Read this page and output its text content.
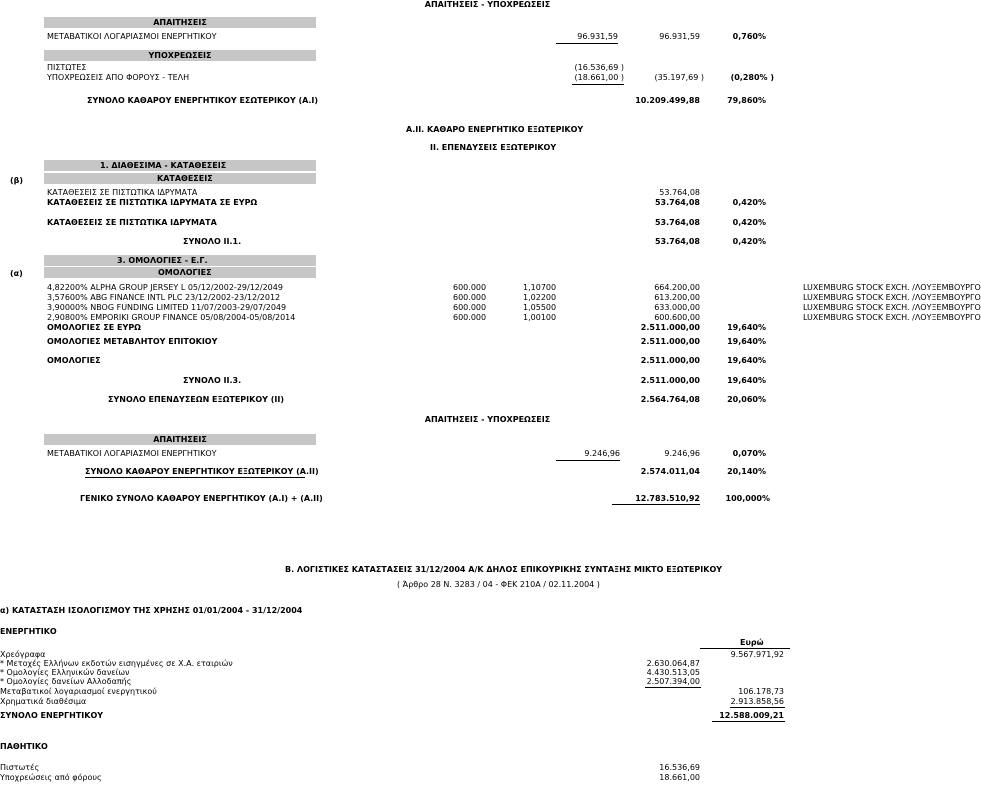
ΑΠΑΙΤΗΣΕΙΣ - ΥΠΟΧΡΕΩΣΕΙΣ
ΑΠΑΙΤΗΣΕΙΣ
ΜΕΤΑΒΑΤΙΚΟΙ ΛΟΓΑΡΙΑΣΜΟΙ ΕΝΕΡΓΗΤΙΚΟΥ	96.931,59	96.931,59	0,760%
ΥΠΟΧΡΕΩΣΕΙΣ
ΠΙΣΤΩΤΕΣ	(16.536,69 )
ΥΠΟΧΡΕΩΣΕΙΣ ΑΠΟ ΦΟΡΟΥΣ - ΤΕΛΗ	(18.661,00 )	(35.197,69 )	(0,280% )
ΣΥΝΟΛΟ ΚΑΘΑΡΟΥ ΕΝΕΡΓΗΤΙΚΟΥ ΕΣΩΤΕΡΙΚΟΥ (Α.Ι)	10.209.499,88	79,860%
Α.ΙΙ. ΚΑΘΑΡΟ ΕΝΕΡΓΗΤΙΚΟ ΕΞΩΤΕΡΙΚΟΥ
ΙΙ. ΕΠΕΝΔΥΣΕΙΣ ΕΞΩΤΕΡΙΚΟΥ
1. ΔΙΑΘΕΣΙΜΑ - ΚΑΤΑΘΕΣΕΙΣ
(β)	ΚΑΤΑΘΕΣΕΙΣ
ΚΑΤΑΘΕΣΕΙΣ ΣΕ ΠΙΣΤΩΤΙΚΑ ΙΔΡΥΜΑΤΑ	53.764,08
ΚΑΤΑΘΕΣΕΙΣ ΣΕ ΠΙΣΤΩΤΙΚΑ ΙΔΡΥΜΑΤΑ ΣΕ ΕΥΡΩ	53.764,08	0,420%
ΚΑΤΑΘΕΣΕΙΣ ΣΕ ΠΙΣΤΩΤΙΚΑ ΙΔΡΥΜΑΤΑ	53.764,08	0,420%
ΣΥΝΟΛΟ ΙΙ.1.	53.764,08	0,420%
3. ΟΜΟΛΟΓΙΕΣ - Ε.Γ.
(α)	ΟΜΟΛΟΓΙΕΣ
4,82200% ALPHA GROUP JERSEY L 05/12/2002-29/12/2049	600.000	1,10700	664.200,00	LUXEMBURG STOCK EXCH. /ΛΟΥΞΕΜΒΟΥΡΓΟ
3,57600% ABG FINANCE INTL PLC 23/12/2002-23/12/2012	600.000	1,02200	613.200,00	LUXEMBURG STOCK EXCH. /ΛΟΥΞΕΜΒΟΥΡΓΟ
3,90000% NBOG FUNDING LIMITED 11/07/2003-29/07/2049	600.000	1,05500	633.000,00	LUXEMBURG STOCK EXCH. /ΛΟΥΞΕΜΒΟΥΡΓΟ
2,90800% EMPORIKI GROUP FINANCE 05/08/2004-05/08/2014	600.000	1,00100	600.600,00	LUXEMBURG STOCK EXCH. /ΛΟΥΞΕΜΒΟΥΡΓΟ
ΟΜΟΛΟΓΙΕΣ ΣΕ ΕΥΡΩ	2.511.000,00	19,640%
ΟΜΟΛΟΓΙΕΣ ΜΕΤΑΒΛΗΤΟΥ ΕΠΙΤΟΚΙΟΥ	2.511.000,00	19,640%
ΟΜΟΛΟΓΙΕΣ	2.511.000,00	19,640%
ΣΥΝΟΛΟ ΙΙ.3.	2.511.000,00	19,640%
ΣΥΝΟΛΟ ΕΠΕΝΔΥΣΕΩΝ ΕΞΩΤΕΡΙΚΟΥ (ΙΙ)	2.564.764,08	20,060%
ΑΠΑΙΤΗΣΕΙΣ - ΥΠΟΧΡΕΩΣΕΙΣ
ΑΠΑΙΤΗΣΕΙΣ
ΜΕΤΑΒΑΤΙΚΟΙ ΛΟΓΑΡΙΑΣΜΟΙ ΕΝΕΡΓΗΤΙΚΟΥ	9.246,96	9.246,96	0,070%
ΣΥΝΟΛΟ ΚΑΘΑΡΟΥ ΕΝΕΡΓΗΤΙΚΟΥ ΕΞΩΤΕΡΙΚΟΥ (Α.ΙΙ)	2.574.011,04	20,140%
ΓΕΝΙΚΟ ΣΥΝΟΛΟ ΚΑΘΑΡΟΥ ΕΝΕΡΓΗΤΙΚΟΥ (Α.Ι) + (Α.ΙΙ)	12.783.510,92	100,000%
Β. ΛΟΓΙΣΤΙΚΕΣ ΚΑΤΑΣΤΑΣΕΙΣ 31/12/2004 Α/Κ ΔΗΛΟΣ ΕΠΙΚΟΥΡΙΚΗΣ ΣΥΝΤΑΞΗΣ ΜΙΚΤΟ ΕΞΩΤΕΡΙΚΟΥ
( Άρθρο 28 Ν. 3283 / 04 - ΦΕΚ 210Α / 02.11.2004 )
α) ΚΑΤΑΣΤΑΣΗ ΙΣΟΛΟΓΙΣΜΟΥ ΤΗΣ ΧΡΗΣΗΣ 01/01/2004 - 31/12/2004
ΕΝΕΡΓΗΤΙΚΟ
Ευρώ
Χρεόγραφα	9.567.971,92
* Μετοχές Ελλήνων εκδοτών εισηγμένες σε Χ.Α. εταιριών	2.630.064,87
* Ομολογίες Ελληνικών δανείων	4.430.513,05
* Ομολογίες δανείων Αλλοδαπής	2.507.394,00
Μεταβατικοί λογαριασμοί ενεργητικού	106.178,73
Χρηματικά διαθέσιμα	2.913.858,56
ΣΥΝΟΛΟ ΕΝΕΡΓΗΤΙΚΟΥ	12.588.009,21
ΠΑΘΗΤΙΚΟ
Πιστωτές	16.536,69
Υποχρεώσεις από φόρους	18.661,00
